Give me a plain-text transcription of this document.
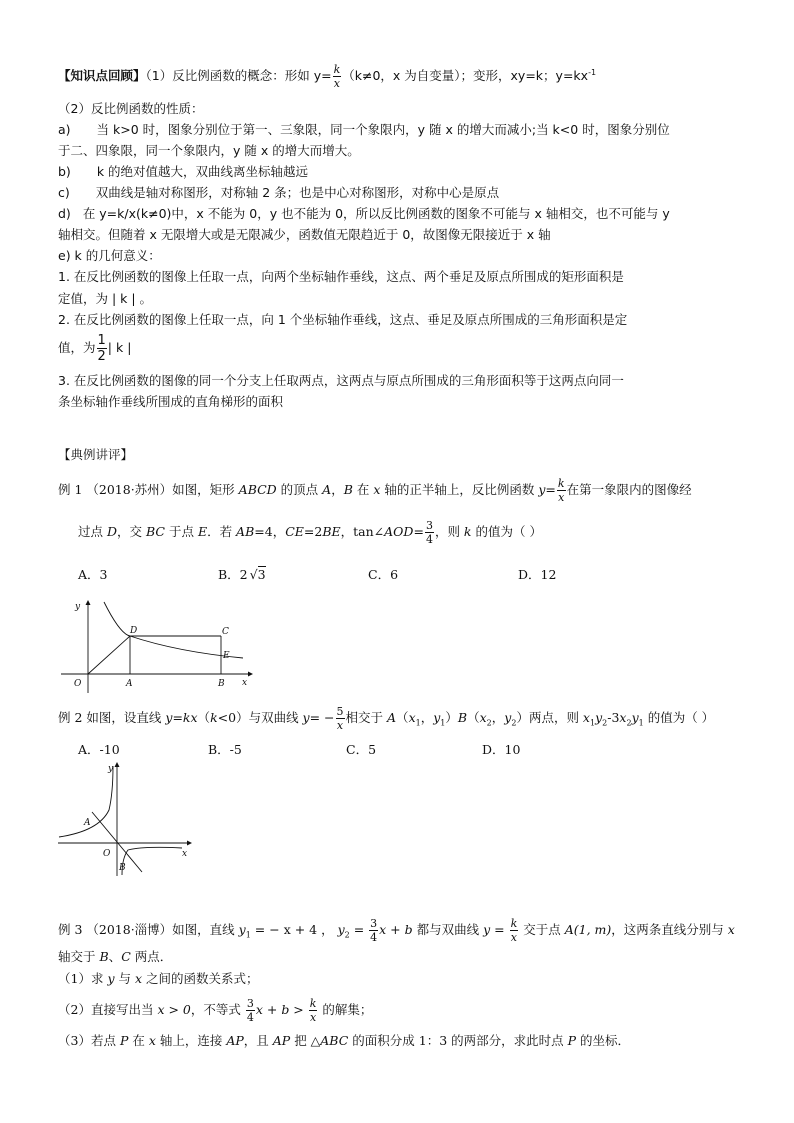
【知识点回顾】（1）反比例函数的概念：形如 $y= \frac{k}{x} (k\ne 0$，x 为自变量）；变形，xy=k；$y=kx^{-1}$
（2）反比例函数的性质：
a) 当 k>0 时，图象分别位于第一、三象限，同一个象限内，y 随 x 的增大而减小;当 k<0 时，图象分别位
于二、四象限，同一个象限内，y 随 x 的增大而增大。
b) k 的绝对值越大，双曲线离坐标轴越远
c) 双曲线是轴对称图形，对称轴 2 条；也是中心对称图形，对称中心是原点
d) 在 y=k/x(k≠0)中，x 不能为 0，y 也不能为 0，所以反比例函数的图象不可能与 x 轴相交，也不可能与 y
轴相交。但随着 x 无限增大或是无限减少，函数值无限趋近于 0，故图像无限接近于 x 轴
e) k 的几何意义：
1. 在反比例函数的图像上任取一点，向两个坐标轴作垂线，这点、两个垂足及原点所围成的矩形面积是
定值，为 | k | 。
2. 在反比例函数的图像上任取一点，向 1 个坐标轴作垂线，这点、垂足及原点所围成的三角形面积是定
值，为 $\frac{1}{2}$ | k |
3. 在反比例函数的图像的同一个分支上任取两点，这两点与原点所围成的三角形面积等于这两点向同一
条坐标轴作垂线所围成的直角梯形的面积
【典例讲评】
例 1 （2018·苏州）如图，矩形 ABCD 的顶点 A，B 在 x 轴的正半轴上，反比例函数 $y= \frac{k}{x}$ 在第一象限内的图像经
过点 D，交 BC 于点 E．若 AB=4，CE=2BE，tan∠AOD= $\frac{3}{4}$ ，则 k 的值为（ ）
A．3	B．2 √3	C．6	D．12
y
x
O	A	B
C
D
E
例 2 如图，设直线 y=kx（k<0）与双曲线 $y= - \frac{5}{x}$ 相交于 $A(x_1$，$y_1)B(x_2$，$y_2$）两点，则 $x_1y_2-3x_2y_1$ 的值为（ ）
A．-10	B．-5	C．5	D．10
y
x
O
A
B
例 3 （2018·淄博）如图，直线 $y_1$ = − x + 4 ， $y_2 = \frac{3}{4}$ x + b 都与双曲线 $y = \frac{k}{x}$ 交于点 A(1, m)，这两条直线分别与 x
轴交于 B、C 两点．
（1）求 y 与 x 之间的函数关系式；
（2）直接写出当 x > 0，不等式 $\frac{3}{4}$ $x + b > \frac{k}{x}$ 的解集；
（3）若点 P 在 x 轴上，连接 AP，且 AP 把 △ABC 的面积分成 1：3 的两部分，求此时点 P 的坐标．
